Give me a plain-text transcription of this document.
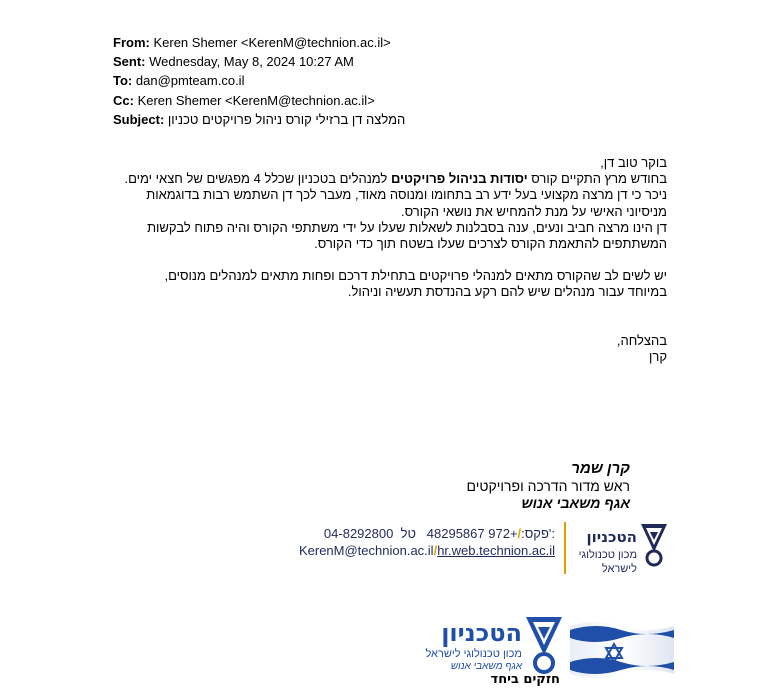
From: Keren Shemer <KerenM@technion.ac.il>
Sent: Wednesday, May 8, 2024 10:27 AM
To: dan@pmteam.co.il
Cc: Keren Shemer <KerenM@technion.ac.il>
Subject: המלצה דן ברזילי קורס ניהול פרויקטים טכניון

בוקר טוב דן,

בחודש מרץ התקיים קורס יסודות בניהול פרויקטים למנהלים בטכניון שכלל 4 מפגשים של חצאי ימים.

ניכר כי דן מרצה מקצועי בעל ידע רב בתחומו ומנוסה מאוד, מעבר לכך דן השתמש רבות בדוגמאות מניסיוני האישי על מנת להמחיש את נושאי הקורס.

דן הינו מרצה חביב ונעים, ענה בסבלנות לשאלות שעלו על ידי משתתפי הקורס והיה פתוח לבקשות המשתתפים להתאמת הקורס לצרכים שעלו בשטח תוך כדי הקורס.

יש לשים לב שהקורס מתאים למנהלי פרויקטים בתחילת דרכם ופחות מתאים למנהלים מנוסים,

במיוחד עבור מנהלים שיש להם רקע בהנדסת תעשיה וניהול.

בהצלחה,

קרן

קרן שמר
ראש מדור הדרכה ופרויקטים
אגף משאבי אנוש
04-8292800	פקס:/+972 48295867   טל':
KerenM@technion.ac.il/hr.web.technion.ac.il
הטכניון
מכון טכנולוגי
לישראל
הטכניון
מכון טכנולוגי לישראל
אגף משאבי אנוש
חזקים ביחד
